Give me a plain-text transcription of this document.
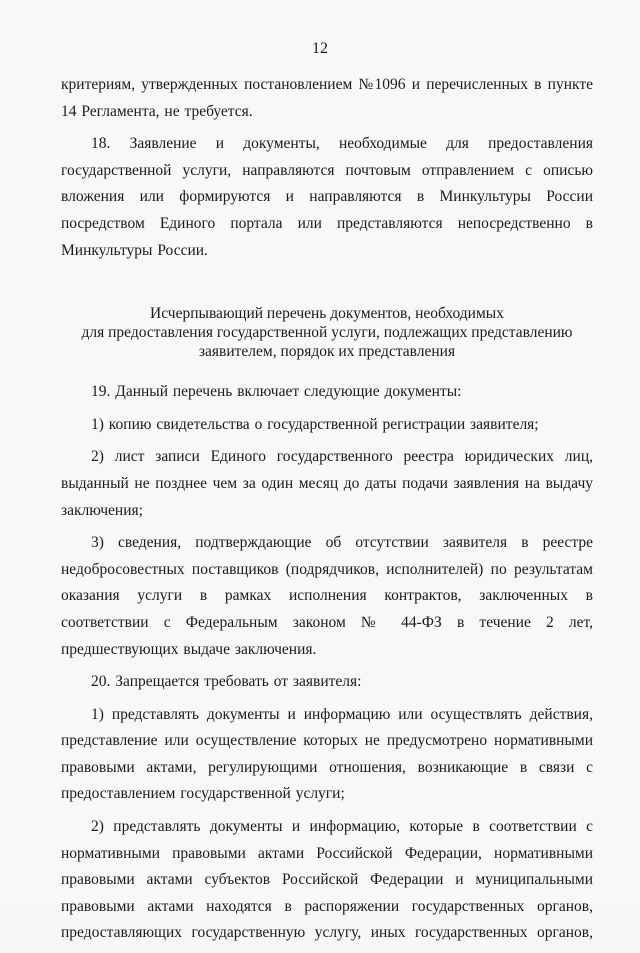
12

критериям, утвержденных постановлением №1096 и перечисленных в пункте 14 Регламента, не требуется.

18. Заявление и документы, необходимые для предоставления государственной услуги, направляются почтовым отправлением с описью вложения или формируются и направляются в Минкультуры России посредством Единого портала или представляются непосредственно в Минкультуры России.

Исчерпывающий перечень документов, необходимых
для предоставления государственной услуги, подлежащих представлению
заявителем, порядок их представления

19. Данный перечень включает следующие документы:

1) копию свидетельства о государственной регистрации заявителя;

2) лист записи Единого государственного реестра юридических лиц, выданный не позднее чем за один месяц до даты подачи заявления на выдачу заключения;

3) сведения, подтверждающие об отсутствии заявителя в реестре недобросовестных поставщиков (подрядчиков, исполнителей) по результатам оказания услуги в рамках исполнения контрактов, заключенных в соответствии с Федеральным законом № 44-ФЗ в течение 2 лет, предшествующих выдаче заключения.

20. Запрещается требовать от заявителя:

1) представлять документы и информацию или осуществлять действия, представление или осуществление которых не предусмотрено нормативными правовыми актами, регулирующими отношения, возникающие в связи с предоставлением государственной услуги;

2) представлять документы и информацию, которые в соответствии с нормативными правовыми актами Российской Федерации, нормативными правовыми актами субъектов Российской Федерации и муниципальными правовыми актами находятся в распоряжении государственных органов, предоставляющих государственную услугу, иных государственных органов,
